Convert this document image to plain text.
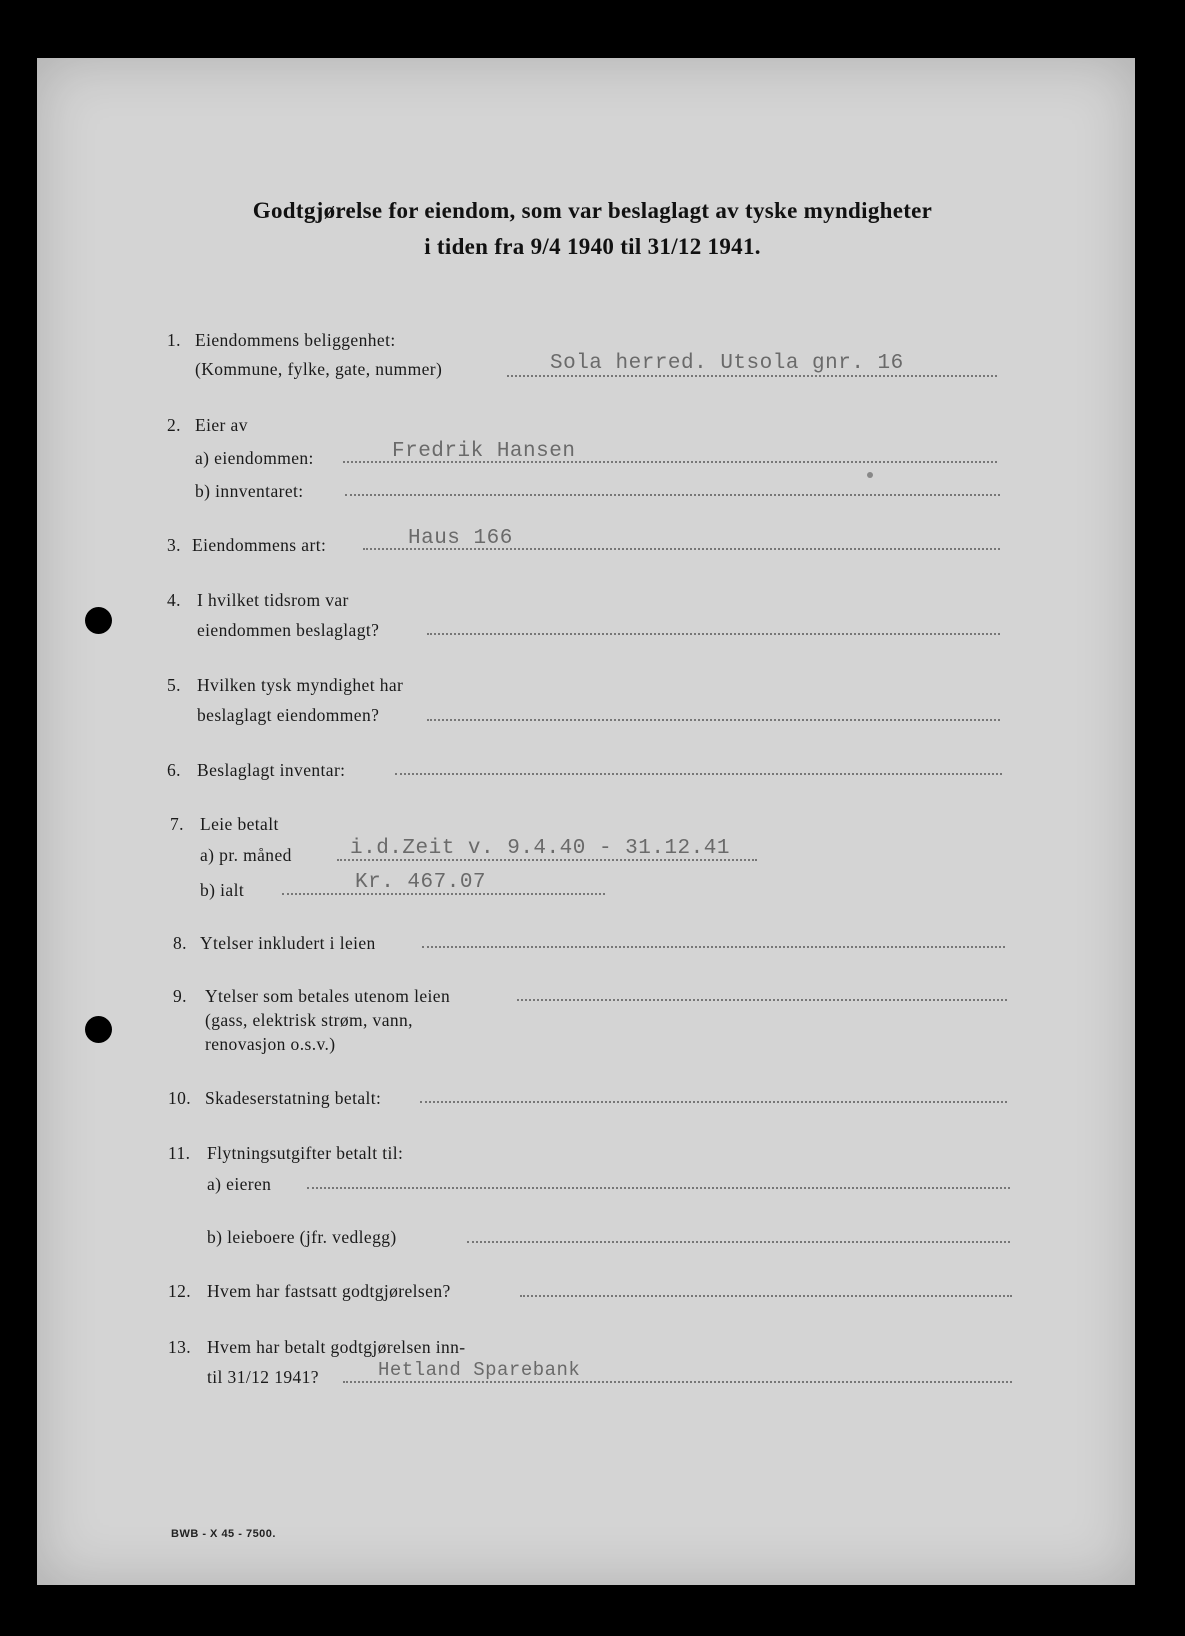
Godtgjørelse for eiendom, som var beslaglagt av tyske myndigheter
i tiden fra 9/4 1940 til 31/12 1941.
1. Eiendommens beliggenhet:
(Kommune, fylke, gate, nummer)	Sola herred. Utsola gnr. 16
2. Eier av
a) eiendommen:	Fredrik Hansen
b) innventaret:
3. Eiendommens art:	Haus 166
4. I hvilket tidsrom var
eiendommen beslaglagt?
5. Hvilken tysk myndighet har
beslaglagt eiendommen?
6. Beslaglagt inventar:
7. Leie betalt
a) pr. måned	i.d.Zeit v. 9.4.40 - 31.12.41
b) ialt	Kr. 467.07
8. Ytelser inkludert i leien
9. Ytelser som betales utenom leien
(gass, elektrisk strøm, vann,
renovasjon o.s.v.)
10. Skadeserstatning betalt:
11. Flytningsutgifter betalt til:
a) eieren
b) leieboere (jfr. vedlegg)
12. Hvem har fastsatt godtgjørelsen?
13. Hvem har betalt godtgjørelsen inn-
til 31/12 1941?	Hetland Sparebank
BWB - X 45 - 7500.
